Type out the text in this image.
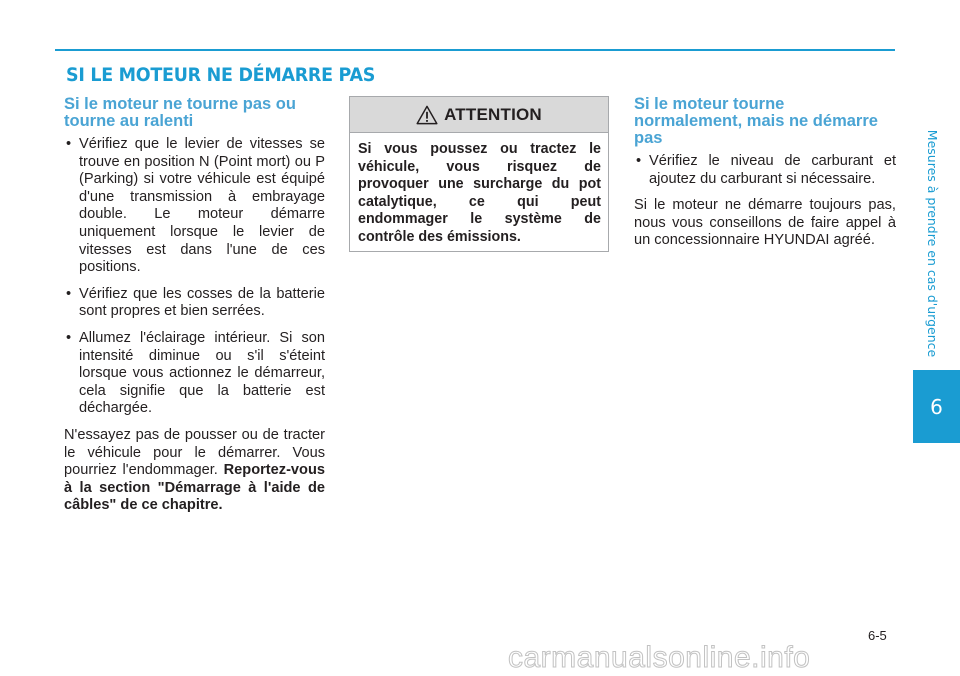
SI LE MOTEUR NE DÉMARRE PAS
Si le moteur ne tourne pas ou tourne au ralenti
• Vérifiez que le levier de vitesses se trouve en position N (Point mort) ou P (Parking) si votre véhicule est équipé d'une transmission à embrayage double. Le moteur démarre uniquement lorsque le levier de vitesses est dans l'une de ces positions.
• Vérifiez que les cosses de la batterie sont propres et bien serrées.
• Allumez l'éclairage intérieur. Si son intensité diminue ou s'il s'éteint lorsque vous actionnez le démarreur, cela signifie que la batterie est déchargée.

N'essayez pas de pousser ou de tracter le véhicule pour le démarrer. Vous pourriez l'endommager. Reportez-vous à la section "Démarrage à l'aide de câbles" de ce chapitre.

ATTENTION
Si vous poussez ou tractez le véhicule, vous risquez de provoquer une surcharge du pot catalytique, ce qui peut endommager le système de contrôle des émissions.
Si le moteur tourne normalement, mais ne démarre pas
• Vérifiez le niveau de carburant et ajoutez du carburant si nécessaire.

Si le moteur ne démarre toujours pas, nous vous conseillons de faire appel à un concessionnaire HYUNDAI agréé.	Mesures à prendre en cas d'urgence
6
6-5
carmanualsonline.info
